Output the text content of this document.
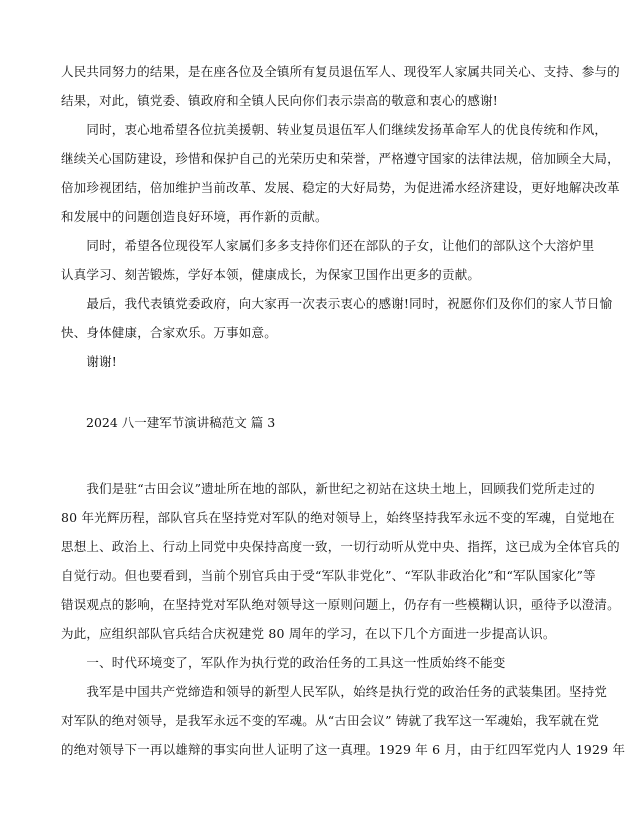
人民共同努力的结果，是在座各位及全镇所有复员退伍军人、现役军人家属共同关心、支持、参与的
结果，对此，镇党委、镇政府和全镇人民向你们表示崇高的敬意和衷心的感谢!
　　同时，衷心地希望各位抗美援朝、转业复员退伍军人们继续发扬革命军人的优良传统和作风，
继续关心国防建设，珍惜和保护自己的光荣历史和荣誉，严格遵守国家的法律法规，倍加顾全大局，
倍加珍视团结，倍加维护当前改革、发展、稳定的大好局势，为促进浠水经济建设，更好地解决改革
和发展中的问题创造良好环境，再作新的贡献。
　　同时，希望各位现役军人家属们多多支持你们还在部队的子女，让他们的部队这个大溶炉里
认真学习、刻苦锻炼，学好本领，健康成长，为保家卫国作出更多的贡献。
　　最后，我代表镇党委政府，向大家再一次表示衷心的感谢!同时，祝愿你们及你们的家人节日愉
快、身体健康，合家欢乐。万事如意。
　　谢谢!
　　2024 八一建军节演讲稿范文 篇 3
　　我们是驻“古田会议”遗址所在地的部队，新世纪之初站在这块土地上，回顾我们党所走过的
80 年光辉历程，部队官兵在坚持党对军队的绝对领导上，始终坚持我军永远不变的军魂，自觉地在
思想上、政治上、行动上同党中央保持高度一致，一切行动听从党中央、指挥，这已成为全体官兵的
自觉行动。但也要看到，当前个别官兵由于受“军队非党化”、“军队非政治化”和“军队国家化”等
错误观点的影响，在坚持党对军队绝对领导这一原则问题上，仍存有一些模糊认识，亟待予以澄清。
为此，应组织部队官兵结合庆祝建党 80 周年的学习，在以下几个方面进一步提高认识。
　　一、时代环境变了，军队作为执行党的政治任务的工具这一性质始终不能变
　　我军是中国共产党缔造和领导的新型人民军队，始终是执行党的政治任务的武装集团。坚持党
对军队的绝对领导，是我军永远不变的军魂。从“古田会议” 铸就了我军这一军魂始，我军就在党
的绝对领导下一再以雄辩的事实向世人证明了这一真理。1929 年 6 月，由于红四军党内人 1929 年
